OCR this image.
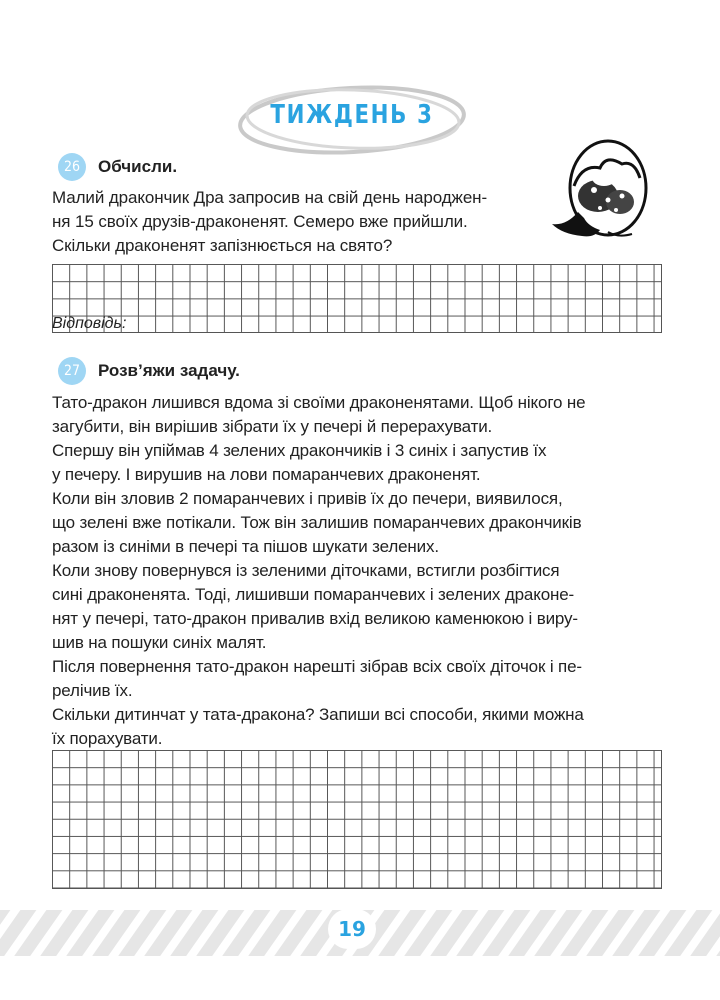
ТИЖДЕНЬ 3
26	Обчисли.
Малий дракончик Дра запросив на свій день народжен-
ня 15 своїх друзів-драконенят. Семеро вже прийшли.
Скільки драконенят запізнюється на свято?
Відповідь:
27	Розв’яжи задачу.
Тато-дракон лишився вдома зі своїми драконенятами. Щоб нікого не
загубити, він вирішив зібрати їх у печері й перерахувати.
Спершу він упіймав 4 зелених дракончиків і 3 синіх і запустив їх
у печеру. І вирушив на лови помаранчевих драконенят.
Коли він зловив 2 помаранчевих і привів їх до печери, виявилося,
що зелені вже потікали. Тож він залишив помаранчевих дракончиків
разом із синіми в печері та пішов шукати зелених.
Коли знову повернувся із зеленими діточками, встигли розбігтися
сині драконенята. Тоді, лишивши помаранчевих і зелених драконе-
нят у печері, тато-дракон привалив вхід великою каменюкою і виру-
шив на пошуки синіх малят.
Після повернення тато-дракон нарешті зібрав всіх своїх діточок і пе-
релічив їх.
Скільки дитинчат у тата-дракона? Запиши всі способи, якими можна
їх порахувати.
19
